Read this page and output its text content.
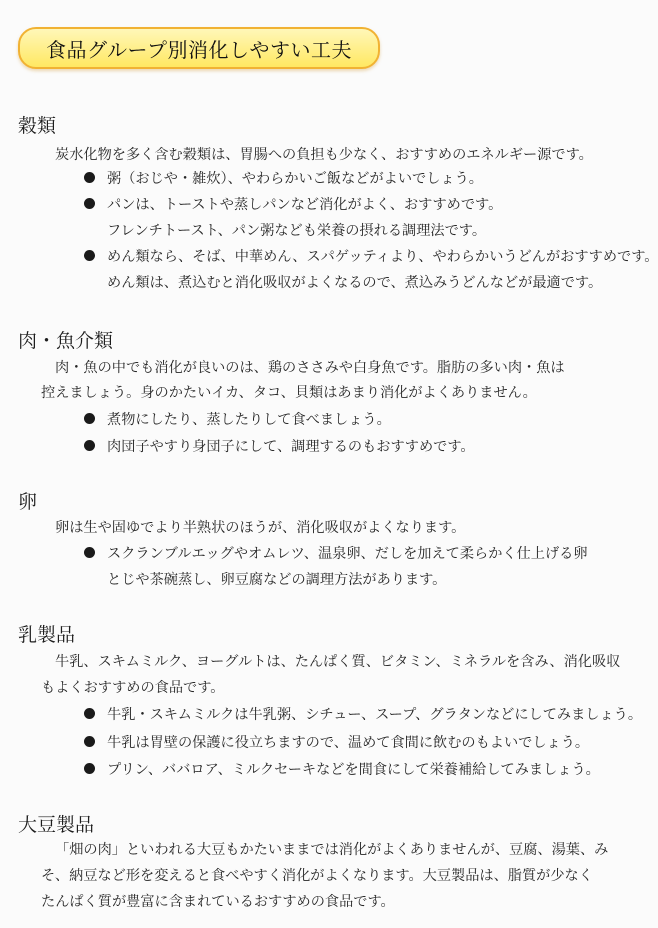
食品グループ別消化しやすい工夫
穀類
炭水化物を多く含む穀類は、胃腸への負担も少なく、おすすめのエネルギー源です。
粥（おじや・雑炊）、やわらかいご飯などがよいでしょう。
パンは、トーストや蒸しパンなど消化がよく、おすすめです。
フレンチトースト、パン粥なども栄養の摂れる調理法です。
めん類なら、そば、中華めん、スパゲッティより、やわらかいうどんがおすすめです。
めん類は、煮込むと消化吸収がよくなるので、煮込みうどんなどが最適です。
肉・魚介類
肉・魚の中でも消化が良いのは、鶏のささみや白身魚です。脂肪の多い肉・魚は
控えましょう。身のかたいイカ、タコ、貝類はあまり消化がよくありません。
煮物にしたり、蒸したりして食べましょう。
肉団子やすり身団子にして、調理するのもおすすめです。
卵
卵は生や固ゆでより半熟状のほうが、消化吸収がよくなります。
スクランブルエッグやオムレツ、温泉卵、だしを加えて柔らかく仕上げる卵
とじや茶碗蒸し、卵豆腐などの調理方法があります。
乳製品
牛乳、スキムミルク、ヨーグルトは、たんぱく質、ビタミン、ミネラルを含み、消化吸収
もよくおすすめの食品です。
牛乳・スキムミルクは牛乳粥、シチュー、スープ、グラタンなどにしてみましょう。
牛乳は胃壁の保護に役立ちますので、温めて食間に飲むのもよいでしょう。
プリン、ババロア、ミルクセーキなどを間食にして栄養補給してみましょう。
大豆製品
「畑の肉」といわれる大豆もかたいままでは消化がよくありませんが、豆腐、湯葉、み
そ、納豆など形を変えると食べやすく消化がよくなります。大豆製品は、脂質が少なく
たんぱく質が豊富に含まれているおすすめの食品です。
